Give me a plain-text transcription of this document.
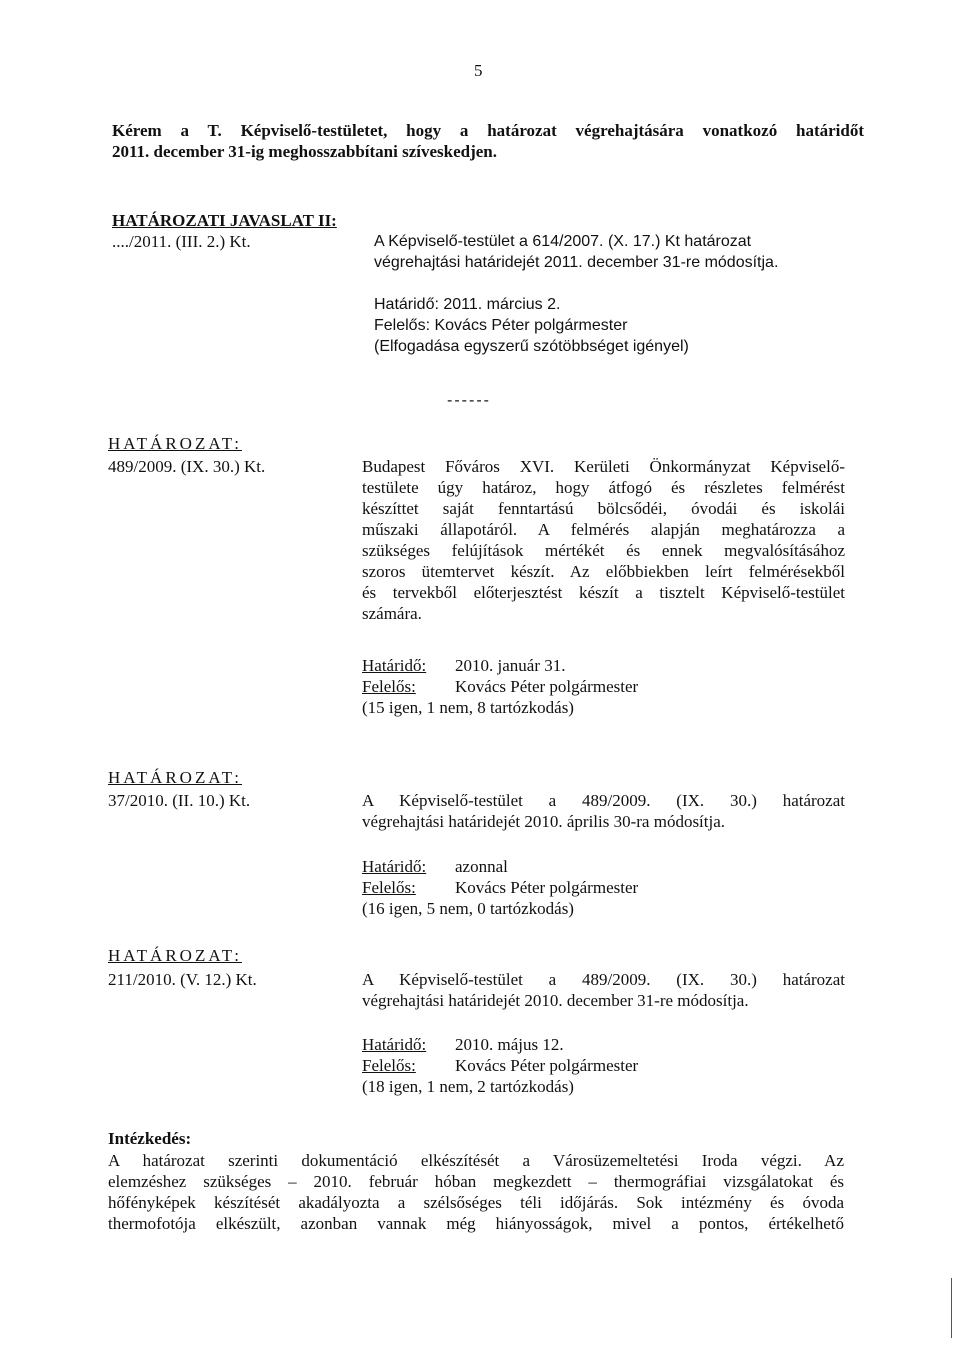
5
Kérem a T. Képviselő-testületet, hogy a határozat végrehajtására vonatkozó határidőt
2011. december 31-ig meghosszabbítani szíveskedjen.
HATÁROZATI JAVASLAT II:
..../2011. (III. 2.) Kt.	A Képviselő-testület a 614/2007. (X. 17.) Kt határozat
végrehajtási határidejét 2011. december 31-re módosítja.
Határidő: 2011. március 2.
Felelős: Kovács Péter polgármester
(Elfogadása egyszerű szótöbbséget igényel)
------
HATÁROZAT:
489/2009. (IX. 30.) Kt.	Budapest Főváros XVI. Kerületi Önkormányzat Képviselő-
testülete úgy határoz, hogy átfogó és részletes felmérést
készíttet saját fenntartású bölcsődéi, óvodái és iskolái
műszaki állapotáról. A felmérés alapján meghatározza a
szükséges felújítások mértékét és ennek megvalósításához
szoros ütemtervet készít. Az előbbiekben leírt felmérésekből
és tervekből előterjesztést készít a tisztelt Képviselő-testület
számára.
Határidő: 2010. január 31.
Felelős: Kovács Péter polgármester
(15 igen, 1 nem, 8 tartózkodás)
HATÁROZAT:
37/2010. (II. 10.) Kt.	A Képviselő-testület a 489/2009. (IX. 30.) határozat
végrehajtási határidejét 2010. április 30-ra módosítja.
Határidő: azonnal
Felelős: Kovács Péter polgármester
(16 igen, 5 nem, 0 tartózkodás)
HATÁROZAT:
211/2010. (V. 12.) Kt.	A Képviselő-testület a 489/2009. (IX. 30.) határozat
végrehajtási határidejét 2010. december 31-re módosítja.
Határidő: 2010. május 12.
Felelős: Kovács Péter polgármester
(18 igen, 1 nem, 2 tartózkodás)
Intézkedés:
A határozat szerinti dokumentáció elkészítését a Városüzemeltetési Iroda végzi. Az
elemzéshez szükséges – 2010. február hóban megkezdett – thermográfiai vizsgálatokat és
hőfényképek készítését akadályozta a szélsőséges téli időjárás. Sok intézmény és óvoda
thermofotója elkészült, azonban vannak még hiányosságok, mivel a pontos, értékelhető
